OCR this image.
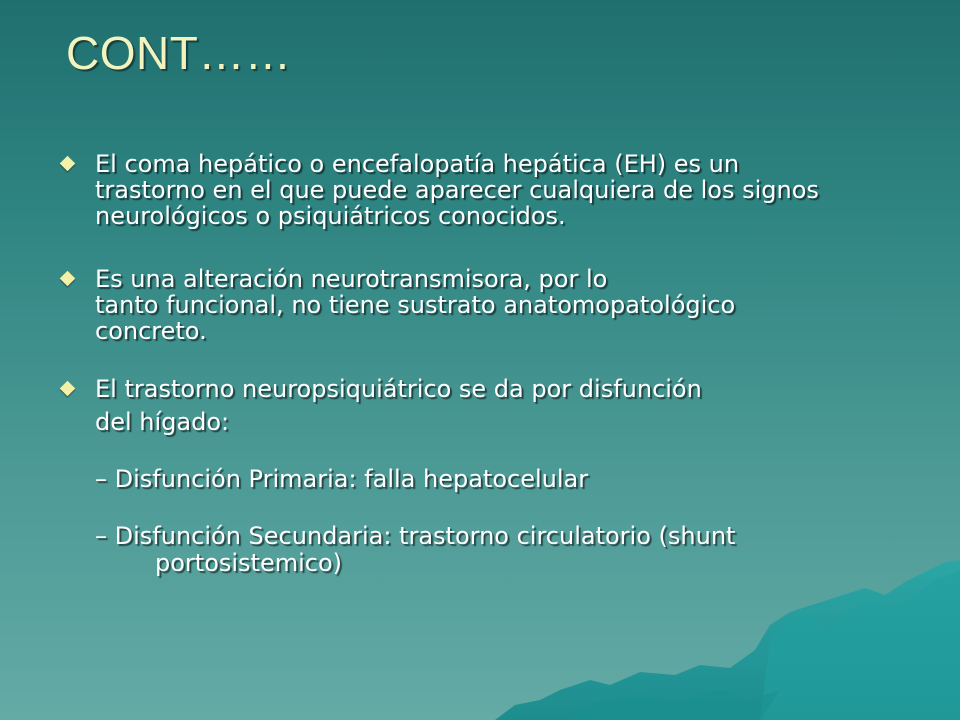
CONT……
El coma hepático o encefalopatía hepática (EH) es un trastorno en el que puede aparecer cualquiera de los signos neurológicos o psiquiátricos conocidos.
Es una alteración neurotransmisora, por lo
tanto funcional, no tiene sustrato anatomopatológico concreto.
El trastorno neuropsiquiátrico se da por disfunción
del hígado:
– Disfunción Primaria: falla hepatocelular
– Disfunción Secundaria: trastorno circulatorio (shunt
portosistemico)
